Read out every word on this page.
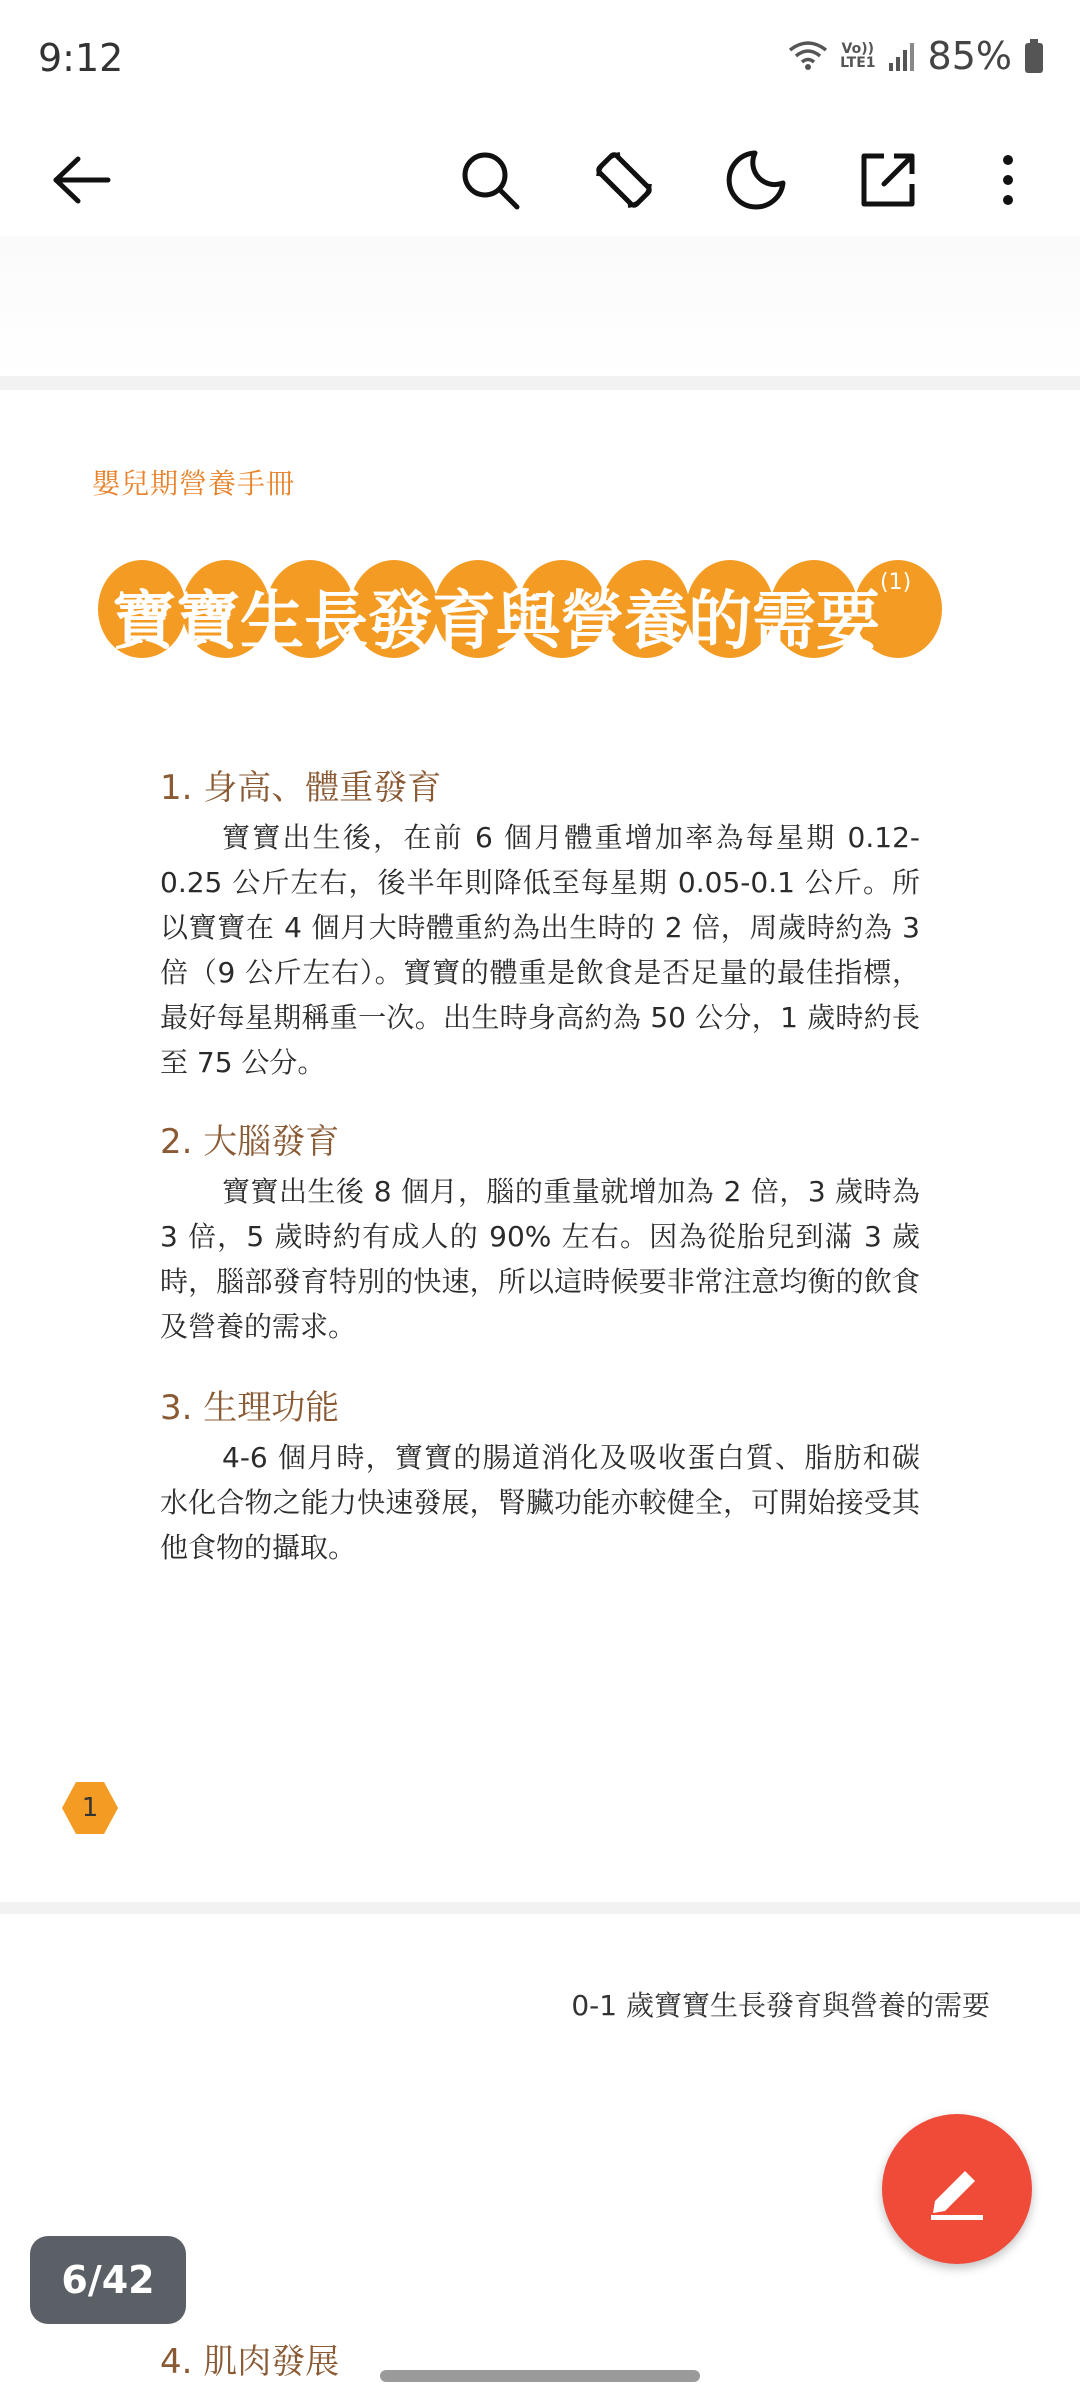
9:12	Vo))
LTE1 85%
嬰兒期營養手冊
寶寶生長發育與營養的需要$^{(1)}$
1. 身高、體重發育

寶寶出生後，在前 6 個月體重增加率為每星期 0.12-0.25 公斤左右，後半年則降低至每星期 0.05-0.1 公斤。所以寶寶在 4 個月大時體重約為出生時的 2 倍，周歲時約為 3 倍（9 公斤左右）。寶寶的體重是飲食是否足量的最佳指標，最好每星期稱重一次。出生時身高約為 50 公分，1 歲時約長至 75 公分。

2. 大腦發育

寶寶出生後 8 個月，腦的重量就增加為 2 倍，3 歲時為 3 倍，5 歲時約有成人的 90% 左右。因為從胎兒到滿 3 歲時，腦部發育特別的快速，所以這時候要非常注意均衡的飲食及營養的需求。

3. 生理功能

4-6 個月時，寶寶的腸道消化及吸收蛋白質、脂肪和碳水化合物之能力快速發展，腎臟功能亦較健全，可開始接受其他食物的攝取。

1
0-1 歲寶寶生長發育與營養的需要
4. 肌肉發展
6/42
